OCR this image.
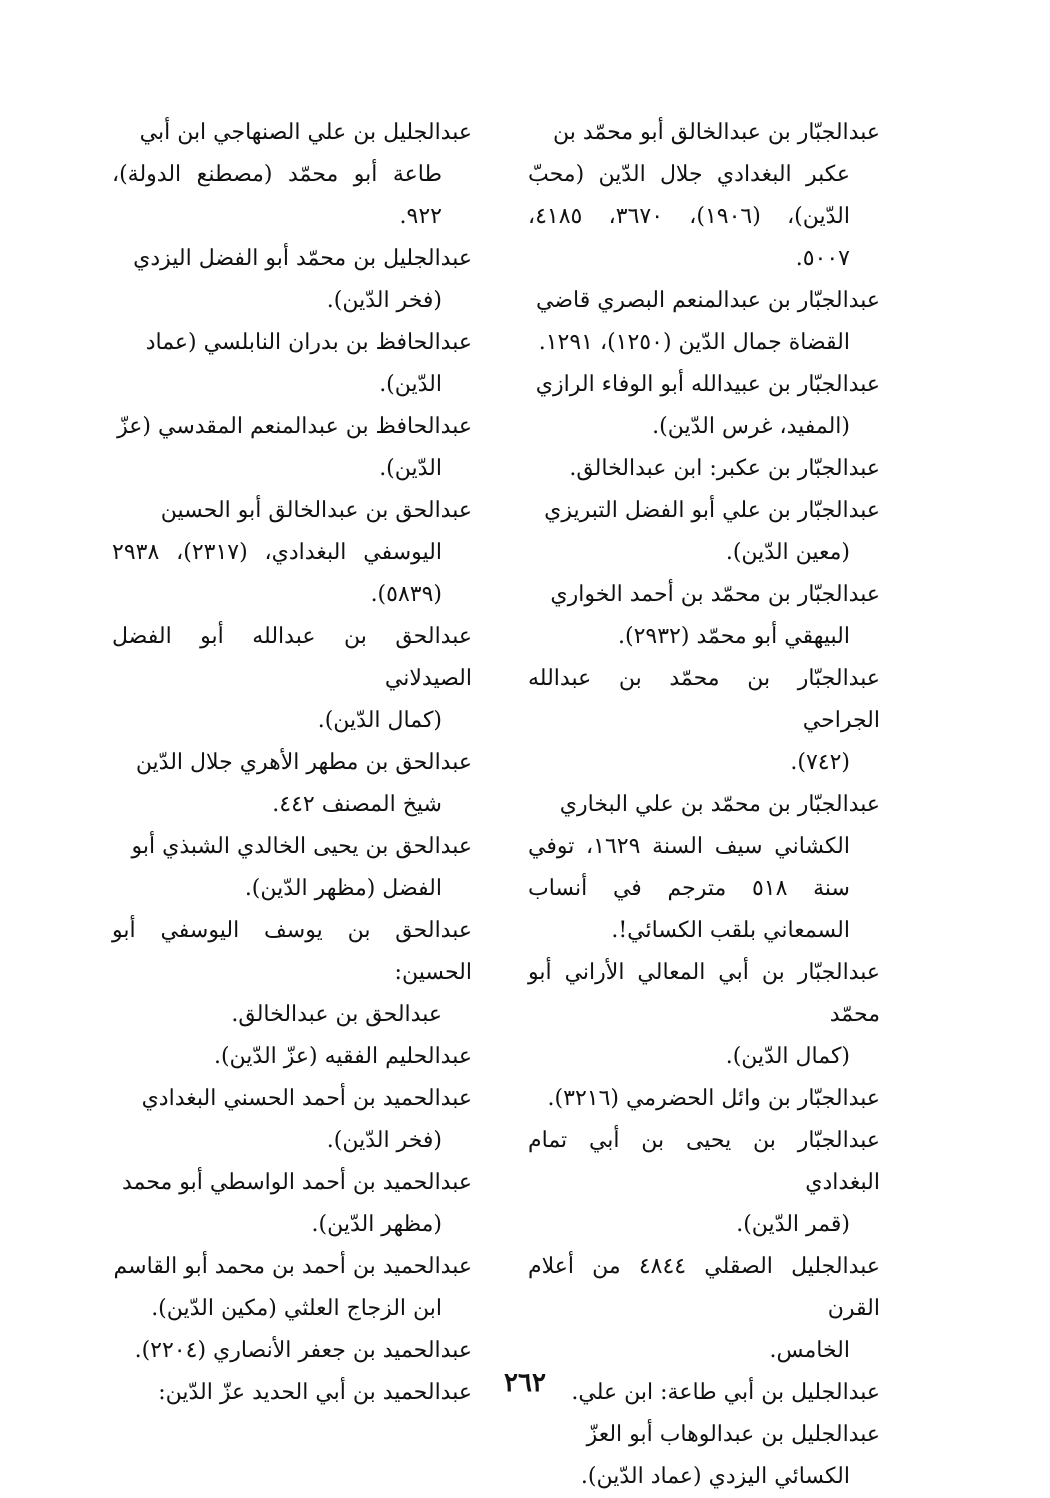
عبدالجبّار بن عبدالخالق أبو محمّد بن
عكبر البغدادي جلال الدّين (محبّ الدّين)، (١٩٠٦)، ٣٦٧٠، ٤١٨٥، ٥٠٠٧.

عبدالجبّار بن عبدالمنعم البصري قاضي
القضاة جمال الدّين (١٢٥٠)، ١٢٩١.

عبدالجبّار بن عبيدالله أبو الوفاء الرازي
(المفيد، غرس الدّين).

عبدالجبّار بن عكبر: ابن عبدالخالق.

عبدالجبّار بن علي أبو الفضل التبريزي
(معين الدّين).

عبدالجبّار بن محمّد بن أحمد الخواري
البيهقي أبو محمّد (٢٩٣٢).

عبدالجبّار بن محمّد بن عبدالله الجراحي
(٧٤٢).

عبدالجبّار بن محمّد بن علي البخاري
الكشاني سيف السنة ١٦٢٩، توفي سنة ٥١٨ مترجم في أنساب السمعاني بلقب الكسائي!.

عبدالجبّار بن أبي المعالي الأراني أبو محمّد
(كمال الدّين).

عبدالجبّار بن وائل الحضرمي (٣٢١٦).

عبدالجبّار بن يحيى بن أبي تمام البغدادي
(قمر الدّين).

عبدالجليل الصقلي ٤٨٤٤ من أعلام القرن
الخامس.

عبدالجليل بن أبي طاعة: ابن علي.

عبدالجليل بن عبدالوهاب أبو العزّ
الكسائي اليزدي (عماد الدّين).

عبدالجليل بن علي الصنهاجي ابن أبي
طاعة أبو محمّد (مصطنع الدولة)، ٩٢٢.

عبدالجليل بن محمّد أبو الفضل اليزدي
(فخر الدّين).

عبدالحافظ بن بدران النابلسي (عماد
الدّين).

عبدالحافظ بن عبدالمنعم المقدسي (عزّ
الدّين).

عبدالحق بن عبدالخالق أبو الحسين
اليوسفي البغدادي، (٢٣١٧)، ٢٩٣٨ (٥٨٣٩).

عبدالحق بن عبدالله أبو الفضل الصيدلاني
(كمال الدّين).

عبدالحق بن مطهر الأهري جلال الدّين
شيخ المصنف ٤٤٢.

عبدالحق بن يحيى الخالدي الشبذي أبو
الفضل (مظهر الدّين).

عبدالحق بن يوسف اليوسفي أبو الحسين:
عبدالحق بن عبدالخالق.

عبدالحليم الفقيه (عزّ الدّين).

عبدالحميد بن أحمد الحسني البغدادي
(فخر الدّين).

عبدالحميد بن أحمد الواسطي أبو محمد
(مظهر الدّين).

عبدالحميد بن أحمد بن محمد أبو القاسم
ابن الزجاج العلثي (مكين الدّين).

عبدالحميد بن جعفر الأنصاري (٢٢٠٤).

عبدالحميد بن أبي الحديد عزّ الدّين:	٢٦٢
